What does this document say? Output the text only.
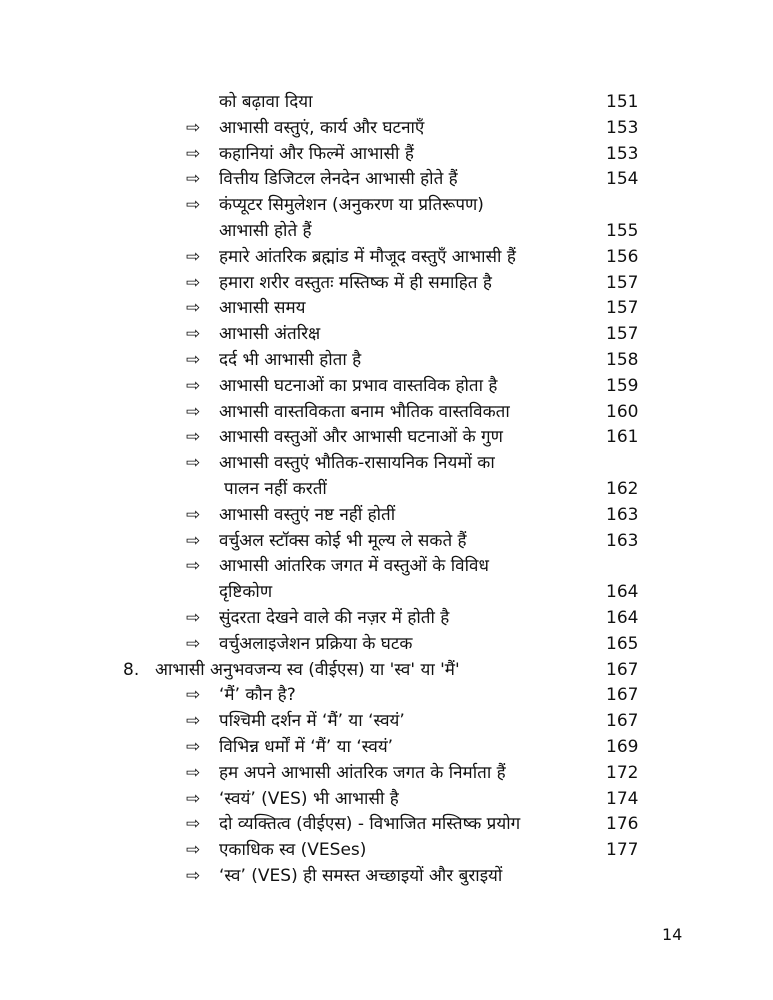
को बढ़ावा दिया	151
⇨ आभासी वस्तुएं, कार्य और घटनाएँ	153
⇨ कहानियां और फिल्में आभासी हैं	153
⇨ वित्तीय डिजिटल लेनदेन आभासी होते हैं	154
⇨ कंप्यूटर सिमुलेशन (अनुकरण या प्रतिरूपण)
आभासी होते हैं	155
⇨ हमारे आंतरिक ब्रह्मांड में मौजूद वस्तुएँ आभासी हैं	156
⇨ हमारा शरीर वस्तुतः मस्तिष्क में ही समाहित है	157
⇨ आभासी समय	157
⇨ आभासी अंतरिक्ष	157
⇨ दर्द भी आभासी होता है	158
⇨ आभासी घटनाओं का प्रभाव वास्तविक होता है	159
⇨ आभासी वास्तविकता बनाम भौतिक वास्तविकता	160
⇨ आभासी वस्तुओं और आभासी घटनाओं के गुण	161
⇨ आभासी वस्तुएं भौतिक-रासायनिक नियमों का
पालन नहीं करतीं	162
⇨ आभासी वस्तुएं नष्ट नहीं होतीं	163
⇨ वर्चुअल स्टॉक्स कोई भी मूल्य ले सकते हैं	163
⇨ आभासी आंतरिक जगत में वस्तुओं के विविध
दृष्टिकोण	164
⇨ सुंदरता देखने वाले की नज़र में होती है	164
⇨ वर्चुअलाइजेशन प्रक्रिया के घटक	165
8. आभासी अनुभवजन्य स्व (वीईएस) या 'स्व' या 'मैं'	167
⇨ ‘मैं’ कौन है?	167
⇨ पश्चिमी दर्शन में ‘मैं’ या ‘स्वयं’	167
⇨ विभिन्न धर्मों में ‘मैं’ या ‘स्वयं’	169
⇨ हम अपने आभासी आंतरिक जगत के निर्माता हैं	172
⇨ ‘स्वयं’ (VES) भी आभासी है	174
⇨ दो व्यक्तित्व (वीईएस) - विभाजित मस्तिष्क प्रयोग	176
⇨ एकाधिक स्व (VESes)	177
⇨ ‘स्व’ (VES) ही समस्त अच्छाइयों और बुराइयों
14
